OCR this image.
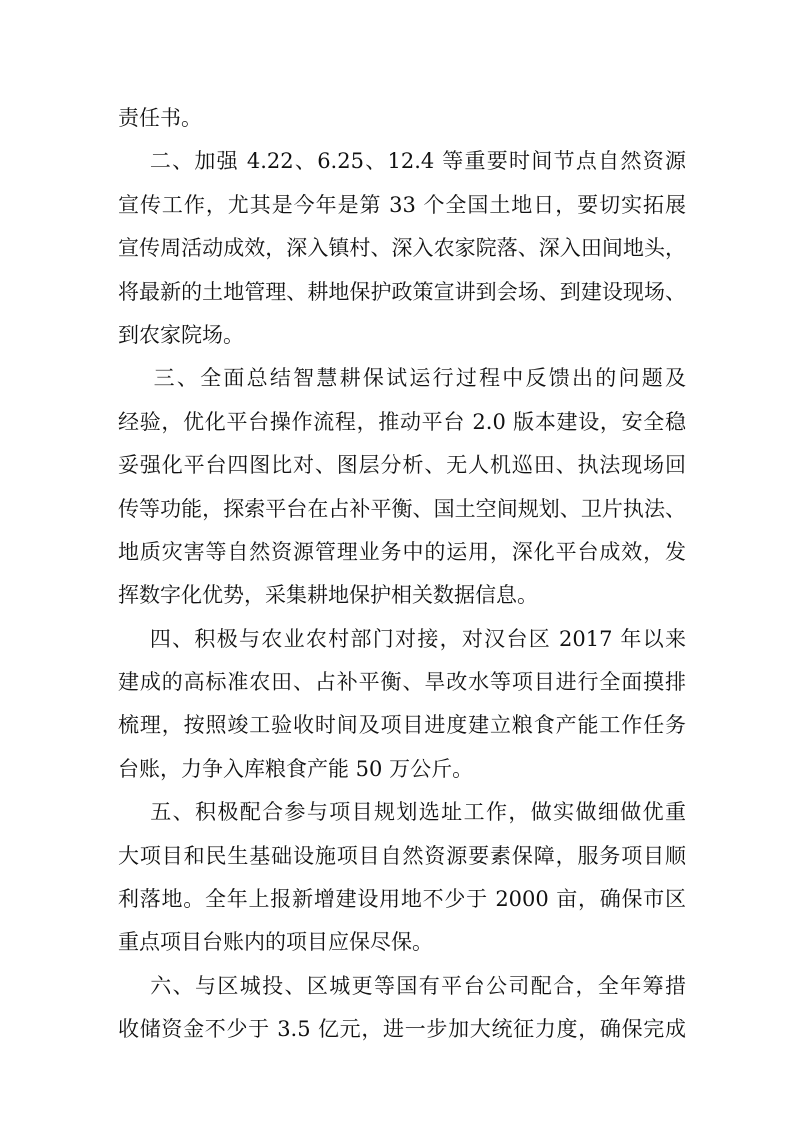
责任书。
二、加强 4.22、6.25、12.4 等重要时间节点自然资源
宣传工作，尤其是今年是第 33 个全国土地日，要切实拓展
宣传周活动成效，深入镇村、深入农家院落、深入田间地头，
将最新的土地管理、耕地保护政策宣讲到会场、到建设现场、
到农家院场。
三、全面总结智慧耕保试运行过程中反馈出的问题及
经验，优化平台操作流程，推动平台 2.0 版本建设，安全稳
妥强化平台四图比对、图层分析、无人机巡田、执法现场回
传等功能，探索平台在占补平衡、国土空间规划、卫片执法、
地质灾害等自然资源管理业务中的运用，深化平台成效，发
挥数字化优势，采集耕地保护相关数据信息。
四、积极与农业农村部门对接，对汉台区 2017 年以来
建成的高标准农田、占补平衡、旱改水等项目进行全面摸排
梳理，按照竣工验收时间及项目进度建立粮食产能工作任务
台账，力争入库粮食产能 50 万公斤。
五、积极配合参与项目规划选址工作，做实做细做优重
大项目和民生基础设施项目自然资源要素保障，服务项目顺
利落地。全年上报新增建设用地不少于 2000 亩，确保市区
重点项目台账内的项目应保尽保。
六、与区城投、区城更等国有平台公司配合，全年筹措
收储资金不少于 3.5 亿元，进一步加大统征力度，确保完成
